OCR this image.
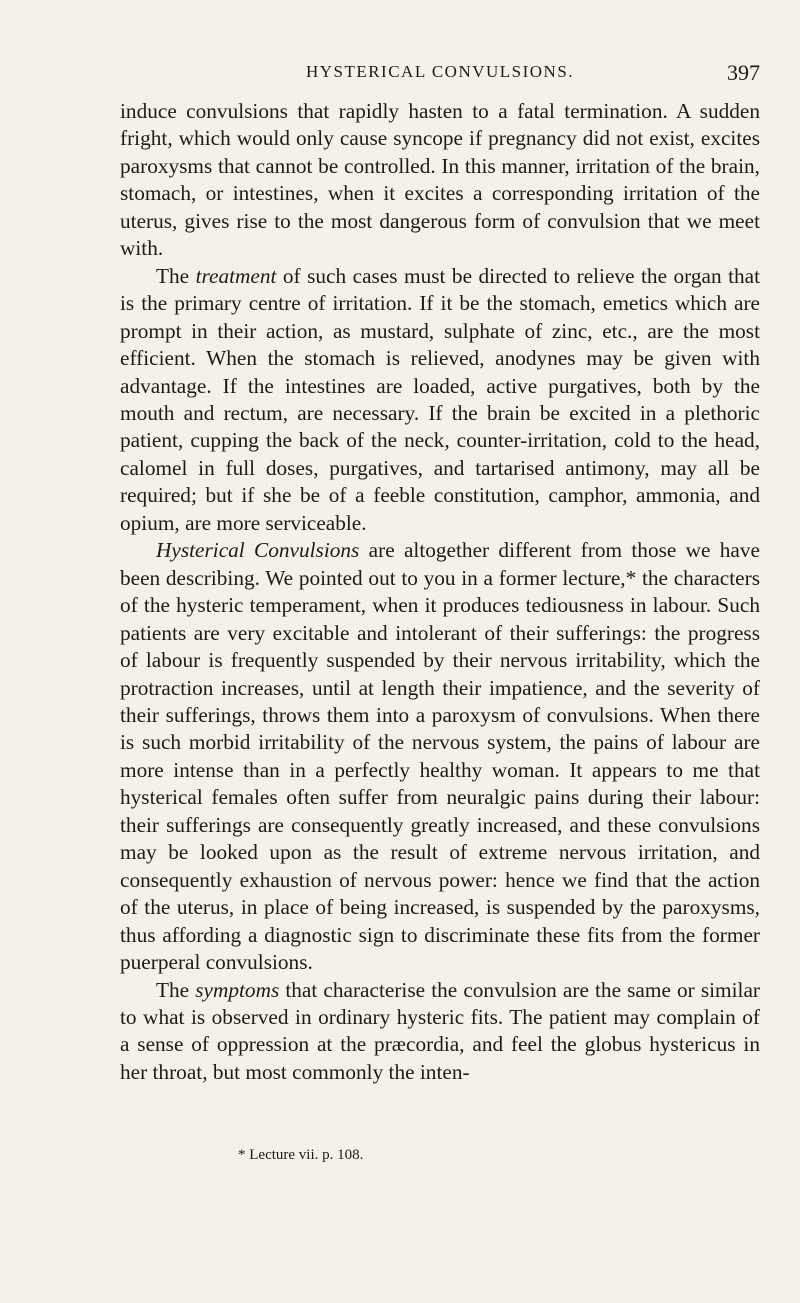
HYSTERICAL CONVULSIONS.	397

induce convulsions that rapidly hasten to a fatal termination. A sudden fright, which would only cause syncope if pregnancy did not exist, excites paroxysms that cannot be controlled. In this manner, irritation of the brain, stomach, or intestines, when it excites a corresponding irritation of the uterus, gives rise to the most dangerous form of convulsion that we meet with.

The treatment of such cases must be directed to relieve the organ that is the primary centre of irritation. If it be the stomach, emetics which are prompt in their action, as mustard, sulphate of zinc, etc., are the most efficient. When the stomach is relieved, anodynes may be given with advantage. If the intestines are loaded, active purgatives, both by the mouth and rectum, are necessary. If the brain be excited in a plethoric patient, cupping the back of the neck, counter-irritation, cold to the head, calomel in full doses, purgatives, and tartarised antimony, may all be required; but if she be of a feeble constitution, camphor, ammonia, and opium, are more serviceable.

Hysterical Convulsions are altogether different from those we have been describing. We pointed out to you in a former lecture,* the characters of the hysteric temperament, when it produces tediousness in labour. Such patients are very excitable and intolerant of their sufferings: the progress of labour is frequently suspended by their nervous irritability, which the protraction increases, until at length their impatience, and the severity of their sufferings, throws them into a paroxysm of convulsions. When there is such morbid irritability of the nervous system, the pains of labour are more intense than in a perfectly healthy woman. It appears to me that hysterical females often suffer from neuralgic pains during their labour: their sufferings are consequently greatly increased, and these convulsions may be looked upon as the result of extreme nervous irritation, and consequently exhaustion of nervous power: hence we find that the action of the uterus, in place of being increased, is suspended by the paroxysms, thus affording a diagnostic sign to discriminate these fits from the former puerperal convulsions.

The symptoms that characterise the convulsion are the same or similar to what is observed in ordinary hysteric fits. The patient may complain of a sense of oppression at the præcordia, and feel the globus hystericus in her throat, but most commonly the inten-

* Lecture vii. p. 108.
